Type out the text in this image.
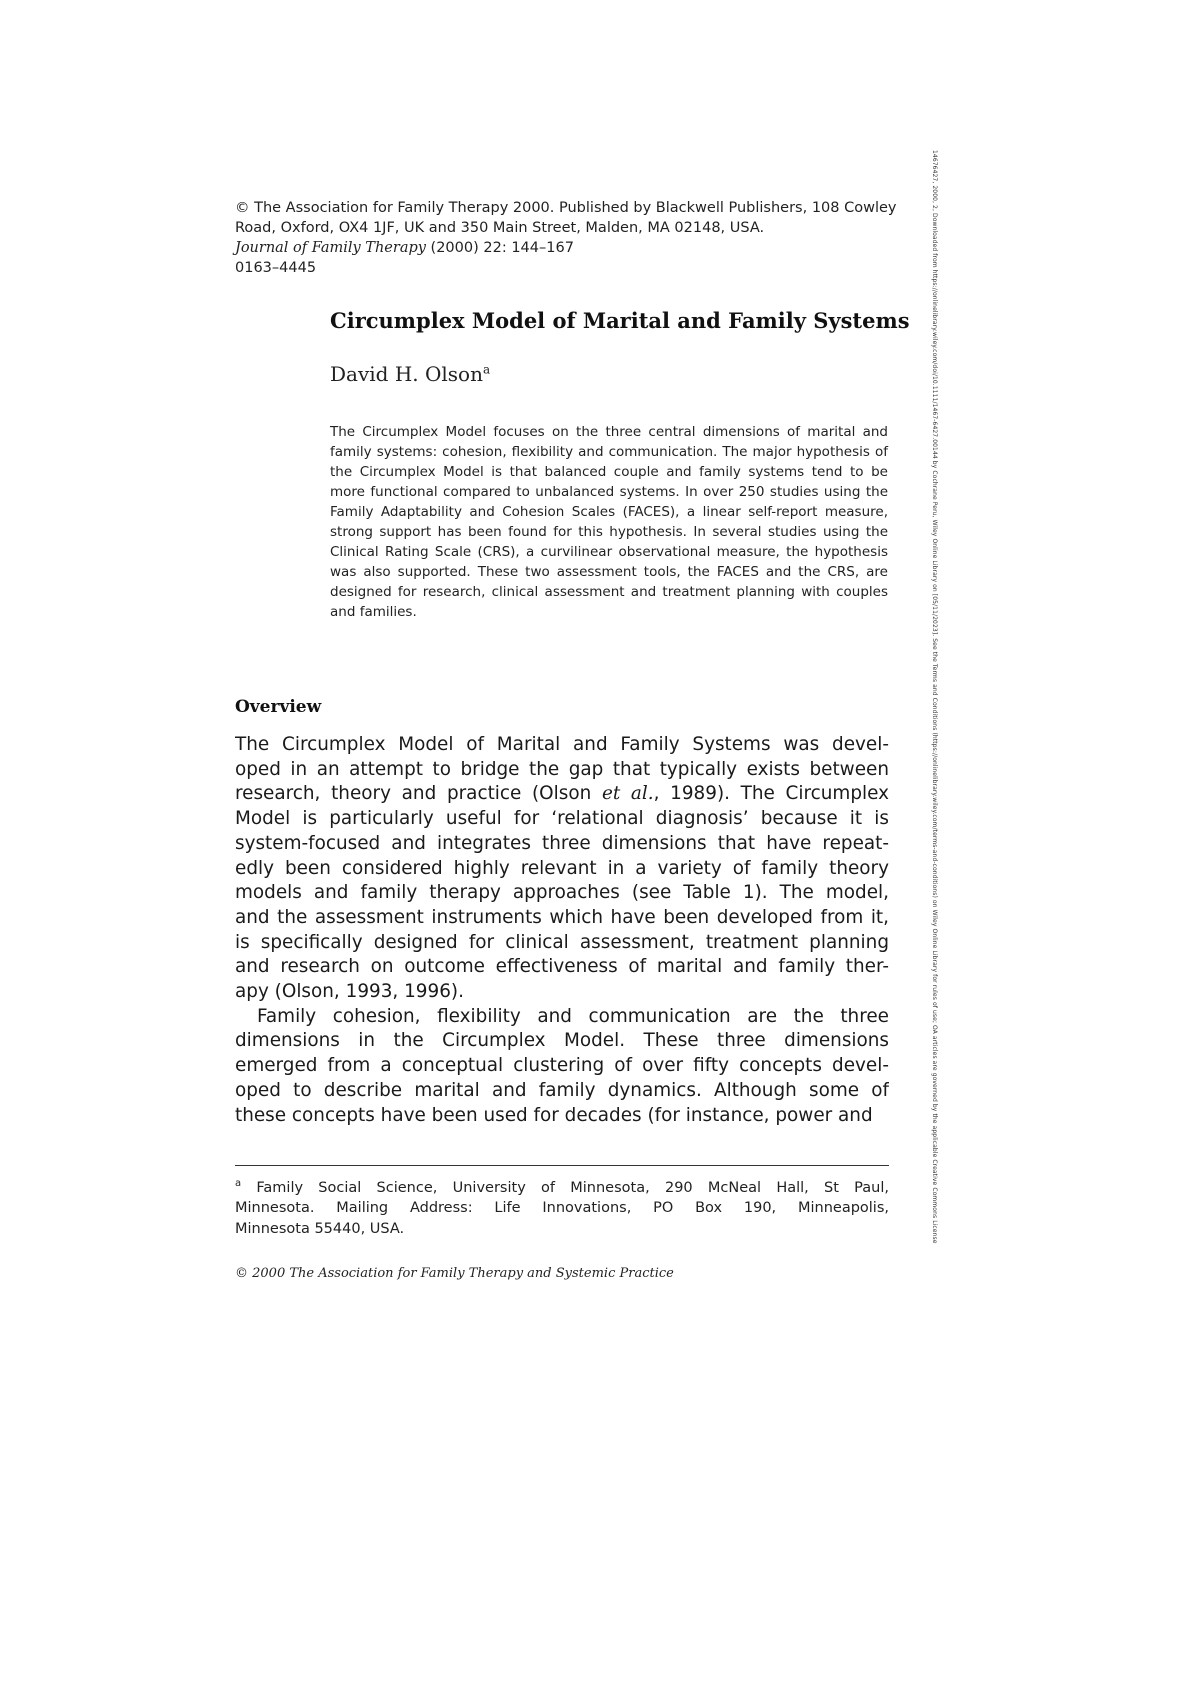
© The Association for Family Therapy 2000. Published by Blackwell Publishers, 108 Cowley
Road, Oxford, OX4 1JF, UK and 350 Main Street, Malden, MA 02148, USA.
Journal of Family Therapy (2000) 22: 144–167
0163–4445
Circumplex Model of Marital and Family Systems
David H. Olson$^a$
The Circumplex Model focuses on the three central dimensions of marital and family systems: cohesion, flexibility and communication. The major hypothesis of the Circumplex Model is that balanced couple and family systems tend to be more functional compared to unbalanced systems. In over 250 studies using the Family Adaptability and Cohesion Scales (FACES), a linear self-report measure, strong support has been found for this hypothesis. In several studies using the Clinical Rating Scale (CRS), a curvilinear observational measure, the hypothesis was also supported. These two assessment tools, the FACES and the CRS, are designed for research, clinical assessment and treatment planning with couples and families.
Overview
The Circumplex Model of Marital and Family Systems was devel-
oped in an attempt to bridge the gap that typically exists between
research, theory and practice (Olson et al., 1989). The Circumplex
Model is particularly useful for ‘relational diagnosis’ because it is
system-focused and integrates three dimensions that have repeat-
edly been considered highly relevant in a variety of family theory
models and family therapy approaches (see Table 1). The model,
and the assessment instruments which have been developed from it,
is specifically designed for clinical assessment, treatment planning
and research on outcome effectiveness of marital and family ther-
apy (Olson, 1993, 1996).
Family cohesion, flexibility and communication are the three
dimensions in the Circumplex Model. These three dimensions
emerged from a conceptual clustering of over fifty concepts devel-
oped to describe marital and family dynamics. Although some of
these concepts have been used for decades (for instance, power and
$^a$ Family Social Science, University of Minnesota, 290 McNeal Hall, St Paul,
Minnesota. Mailing Address: Life Innovations, PO Box 190, Minneapolis,
Minnesota 55440, USA.
© 2000 The Association for Family Therapy and Systemic Practice
14676427, 2000, 2, Downloaded from https://onlinelibrary.wiley.com/doi/10.1111/1467-6427.00144 by Cochrane Peru, Wiley Online Library on [05/11/2023]. See the Terms and Conditions (https://onlinelibrary.wiley.com/terms-and-conditions) on Wiley Online Library for rules of use; OA articles are governed by the applicable Creative Commons License
